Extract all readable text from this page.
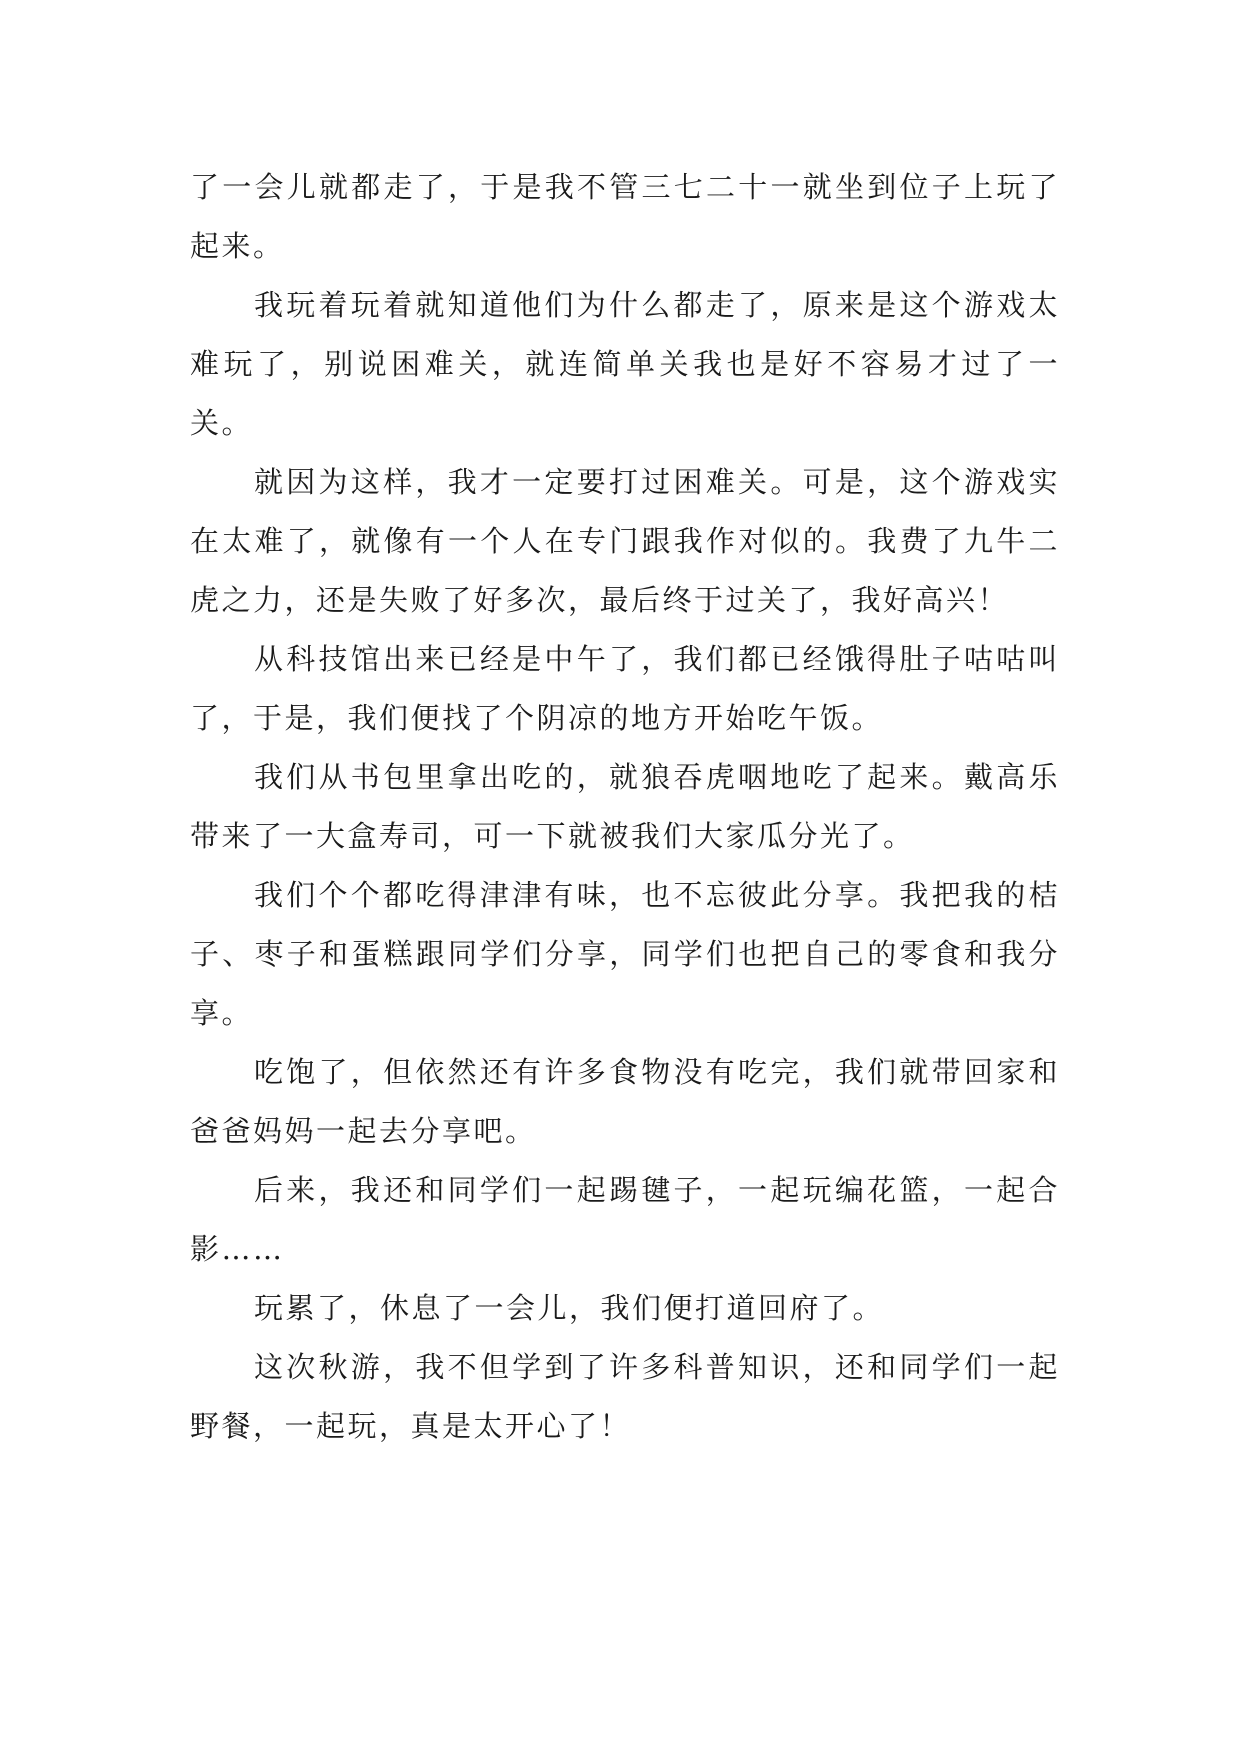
了一会儿就都走了，于是我不管三七二十一就坐到位子上玩了起来。

我玩着玩着就知道他们为什么都走了，原来是这个游戏太难玩了，别说困难关，就连简单关我也是好不容易才过了一关。

就因为这样，我才一定要打过困难关。可是，这个游戏实在太难了，就像有一个人在专门跟我作对似的。我费了九牛二虎之力，还是失败了好多次，最后终于过关了，我好高兴！

从科技馆出来已经是中午了，我们都已经饿得肚子咕咕叫了，于是，我们便找了个阴凉的地方开始吃午饭。

我们从书包里拿出吃的，就狼吞虎咽地吃了起来。戴高乐带来了一大盒寿司，可一下就被我们大家瓜分光了。

我们个个都吃得津津有味，也不忘彼此分享。我把我的桔子、枣子和蛋糕跟同学们分享，同学们也把自己的零食和我分享。

吃饱了，但依然还有许多食物没有吃完，我们就带回家和爸爸妈妈一起去分享吧。

后来，我还和同学们一起踢毽子，一起玩编花篮，一起合影……

玩累了，休息了一会儿，我们便打道回府了。

这次秋游，我不但学到了许多科普知识，还和同学们一起野餐，一起玩，真是太开心了！
